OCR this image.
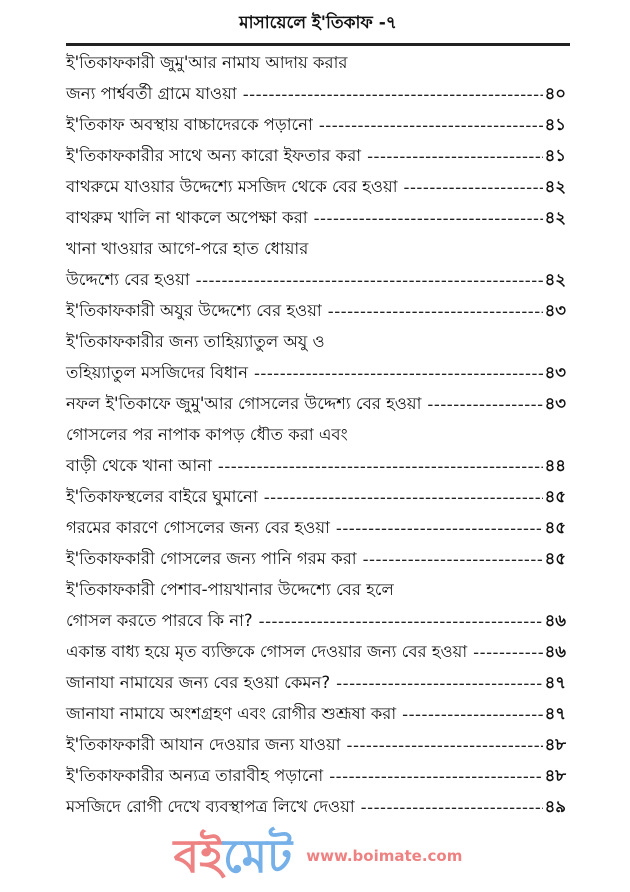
মাসায়েলে ই'তিকাফ -৭
ই'তিকাফকারী জুমু'আর নামায আদায় করার
জন্য পার্শ্ববর্তী গ্রামে যাওয়া -----	৪০
ই'তিকাফ অবস্থায় বাচ্চাদেরকে পড়ানো -----	৪১
ই'তিকাফকারীর সাথে অন্য কারো ইফতার করা -----	৪১
বাথরুমে যাওয়ার উদ্দেশ্যে মসজিদ থেকে বের হওয়া -----	৪২
বাথরুম খালি না থাকলে অপেক্ষা করা -----	৪২
খানা খাওয়ার আগে-পরে হাত ধোয়ার
উদ্দেশ্যে বের হওয়া -----	৪২
ই'তিকাফকারী অযুর উদ্দেশ্যে বের হওয়া -----	৪৩
ই'তিকাফকারীর জন্য তাহিয়্যাতুল অযু ও
তহিয়্যাতুল মসজিদের বিধান -----	৪৩
নফল ই'তিকাফে জুমু'আর গোসলের উদ্দেশ্য বের হওয়া -----	৪৩
গোসলের পর নাপাক কাপড় ধৌত করা এবং
বাড়ী থেকে খানা আনা -----	৪৪
ই'তিকাফস্থলের বাইরে ঘুমানো -----	৪৫
গরমের কারণে গোসলের জন্য বের হওয়া -----	৪৫
ই'তিকাফকারী গোসলের জন্য পানি গরম করা -----	৪৫
ই'তিকাফকারী পেশাব-পায়খানার উদ্দেশ্যে বের হলে
গোসল করতে পারবে কি না? -----	৪৬
একান্ত বাধ্য হয়ে মৃত ব্যক্তিকে গোসল দেওয়ার জন্য বের হওয়া -----	৪৬
জানাযা নামাযের জন্য বের হওয়া কেমন? -----	৪৭
জানাযা নামাযে অংশগ্রহণ এবং রোগীর শুশ্রূষা করা -----	৪৭
ই'তিকাফকারী আযান দেওয়ার জন্য যাওয়া -----	৪৮
ই'তিকাফকারীর অন্যত্র তারাবীহ পড়ানো -----	৪৮
মসজিদে রোগী দেখে ব্যবস্থাপত্র লিখে দেওয়া -----	৪৯
বইমেট www.boimate.com
